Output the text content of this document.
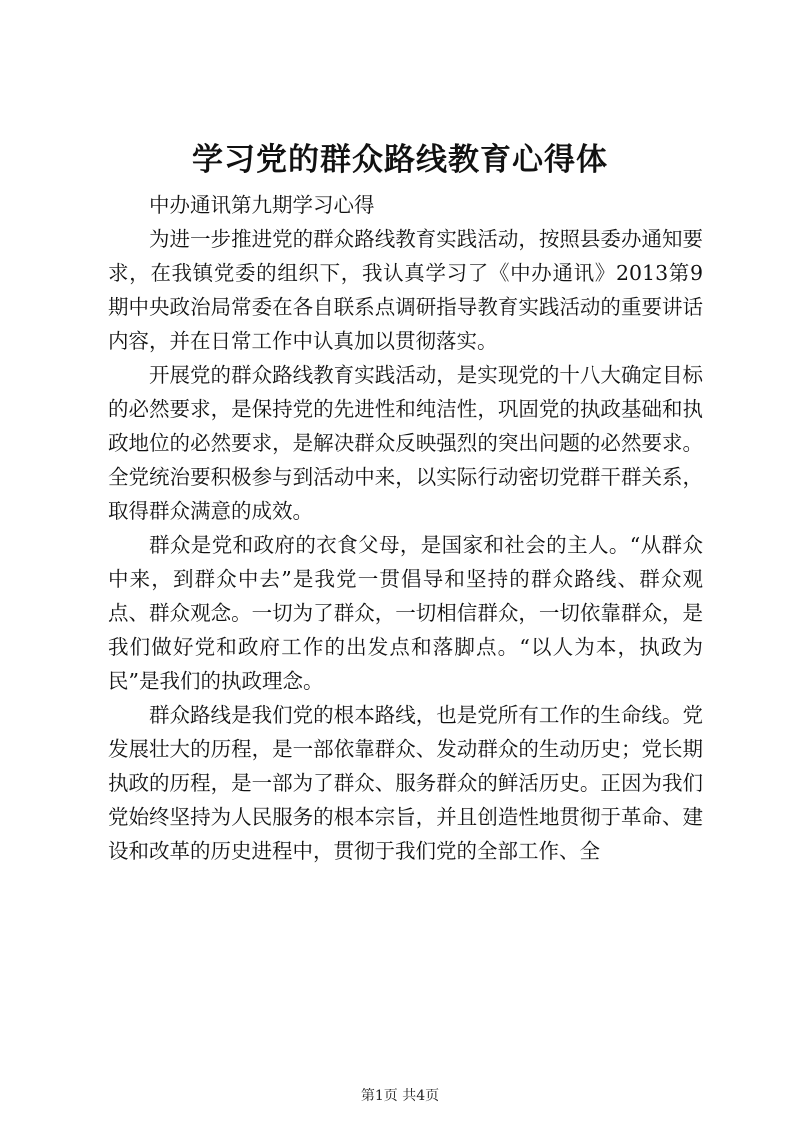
学习党的群众路线教育心得体

中办通讯第九期学习心得

为进一步推进党的群众路线教育实践活动，按照县委办通知要求，在我镇党委的组织下，我认真学习了《中办通讯》2013第9期中央政治局常委在各自联系点调研指导教育实践活动的重要讲话内容，并在日常工作中认真加以贯彻落实。

开展党的群众路线教育实践活动，是实现党的十八大确定目标的必然要求，是保持党的先进性和纯洁性，巩固党的执政基础和执政地位的必然要求，是解决群众反映强烈的突出问题的必然要求。全党统治要积极参与到活动中来，以实际行动密切党群干群关系，取得群众满意的成效。

群众是党和政府的衣食父母，是国家和社会的主人。“从群众中来，到群众中去”是我党一贯倡导和坚持的群众路线、群众观点、群众观念。一切为了群众，一切相信群众，一切依靠群众，是我们做好党和政府工作的出发点和落脚点。“以人为本，执政为民”是我们的执政理念。

群众路线是我们党的根本路线，也是党所有工作的生命线。党发展壮大的历程，是一部依靠群众、发动群众的生动历史；党长期执政的历程，是一部为了群众、服务群众的鲜活历史。正因为我们党始终坚持为人民服务的根本宗旨，并且创造性地贯彻于革命、建设和改革的历史进程中，贯彻于我们党的全部工作、全

第1页 共4页
